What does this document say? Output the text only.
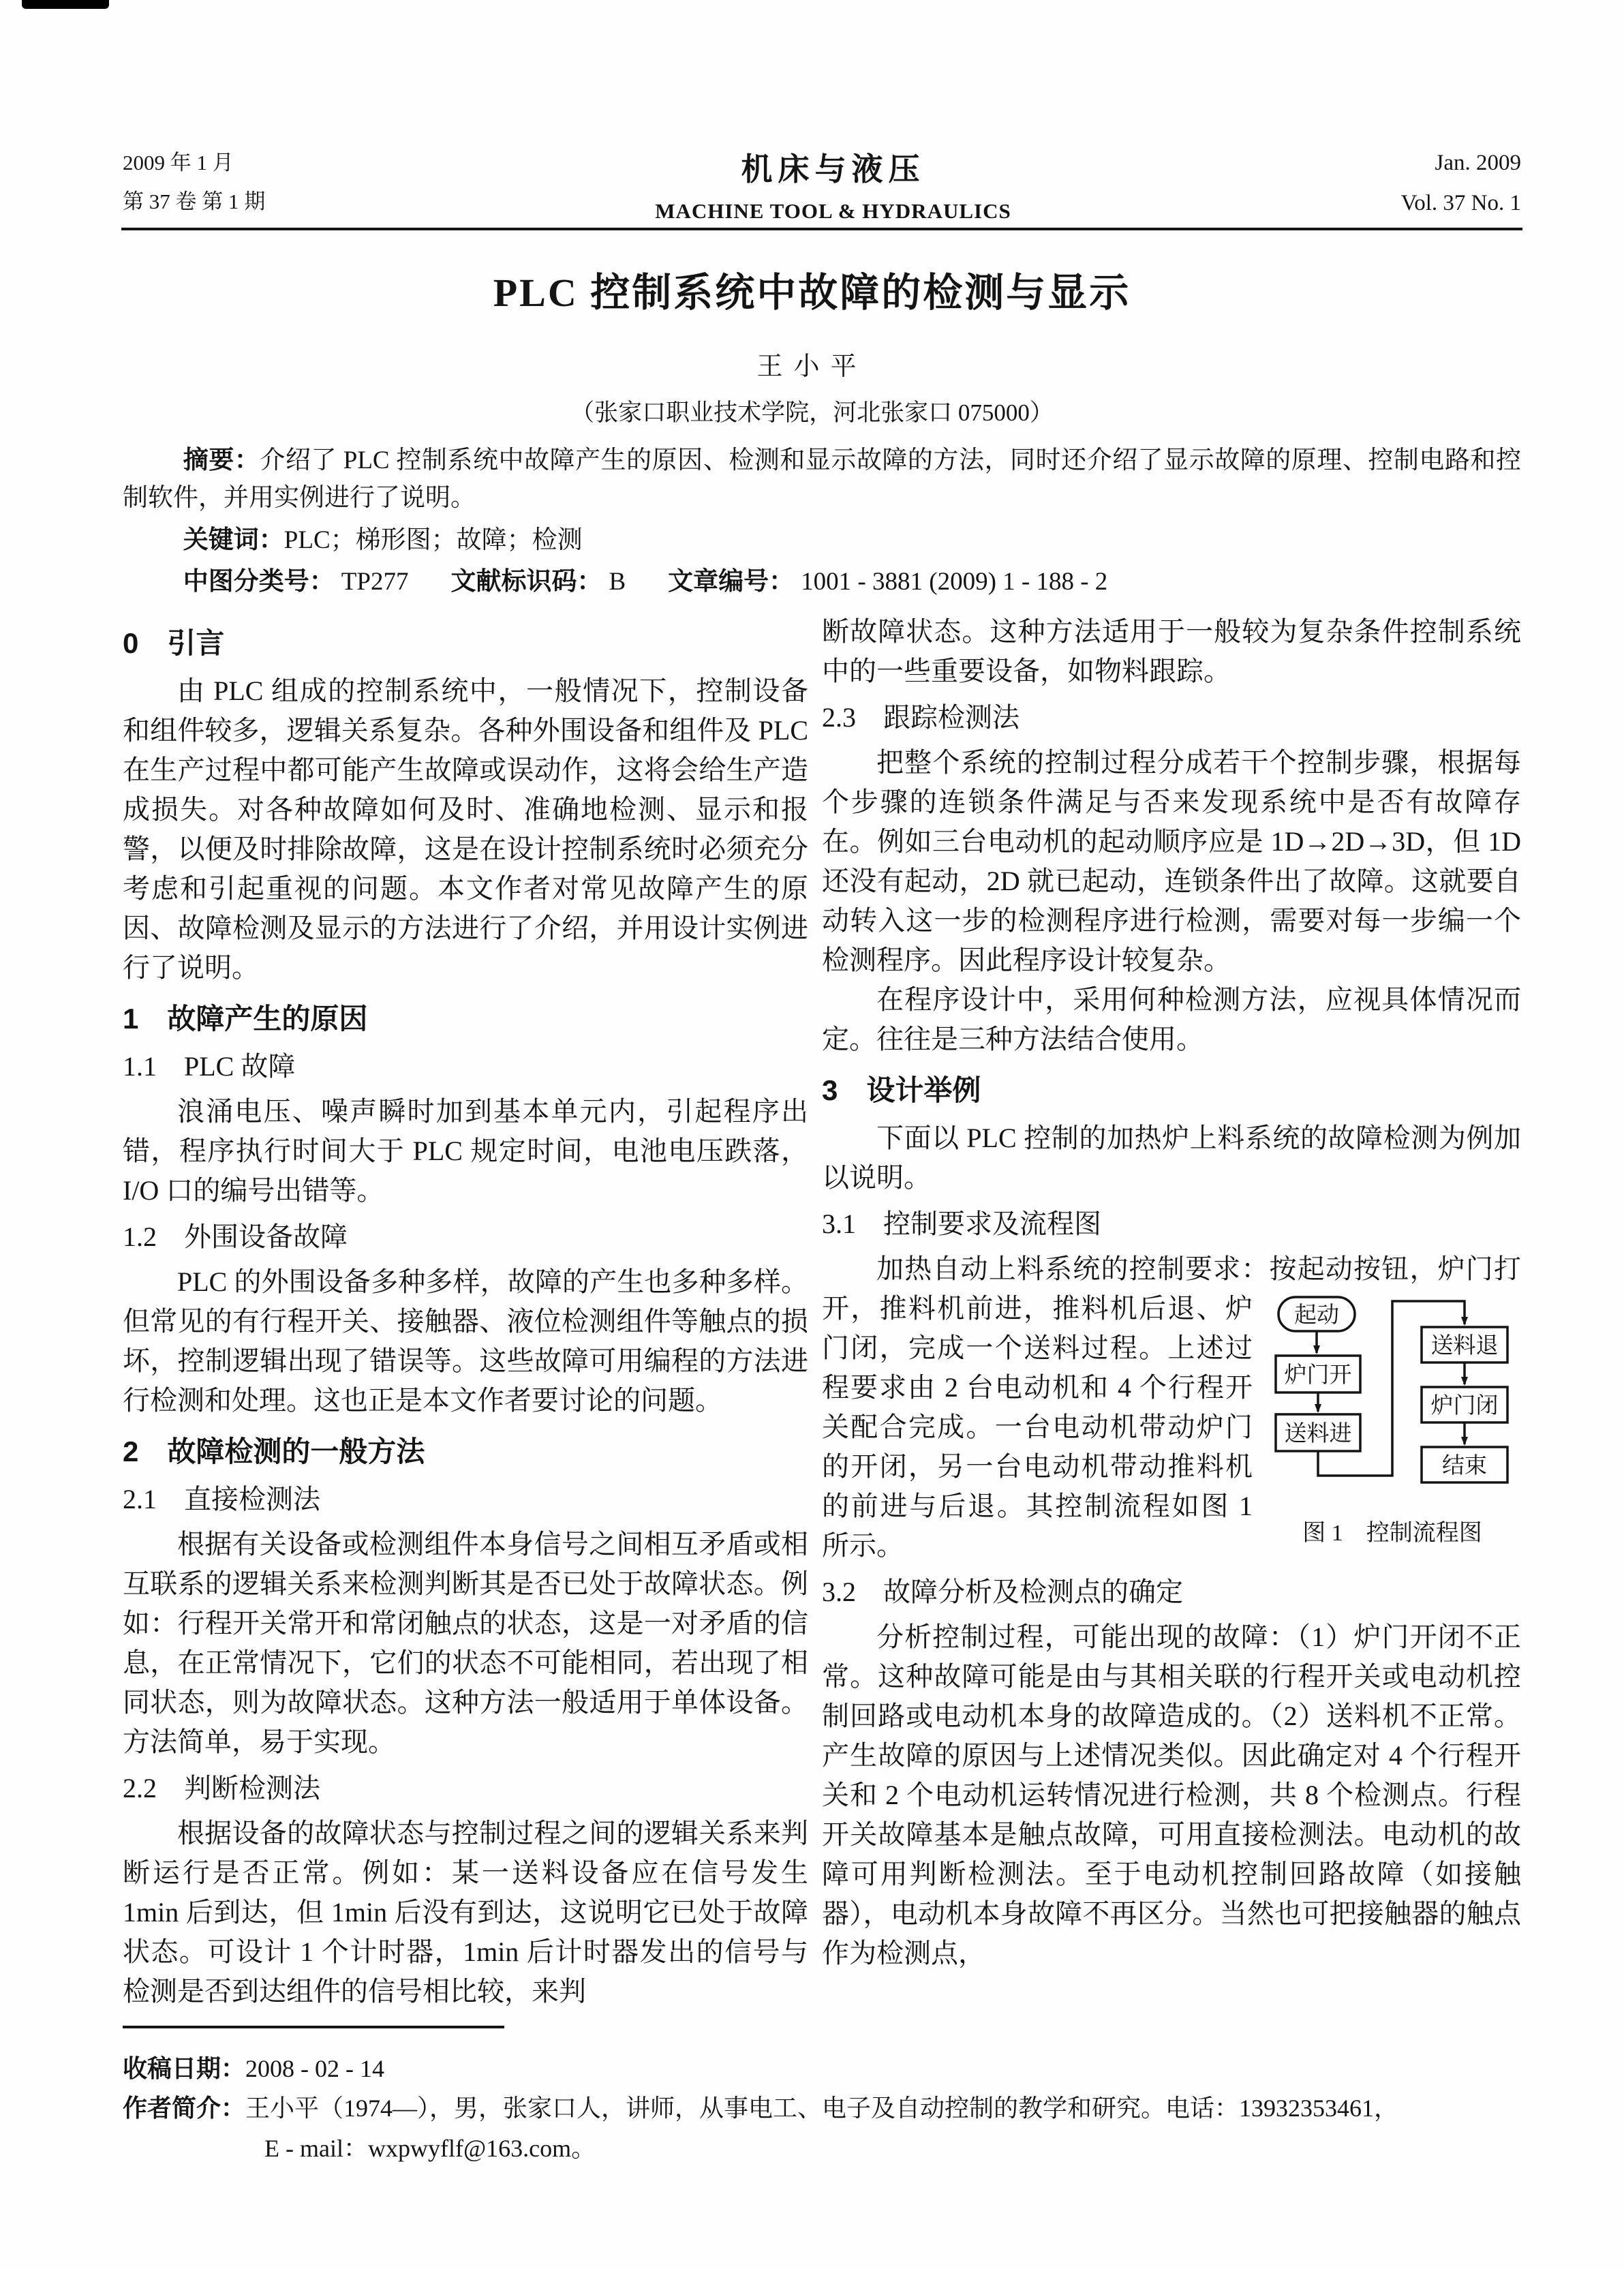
2009 年 1 月
第 37 卷 第 1 期
机床与液压
MACHINE TOOL & HYDRAULICS
Jan. 2009
Vol. 37 No. 1
PLC 控制系统中故障的检测与显示
王小平
（张家口职业技术学院，河北张家口 075000）

摘要：介绍了 PLC 控制系统中故障产生的原因、检测和显示故障的方法，同时还介绍了显示故障的原理、控制电路和控制软件，并用实例进行了说明。

关键词：PLC；梯形图；故障；检测

中图分类号： TP277 文献标识码： B 文章编号： 1001 - 3881 (2009) 1 - 188 - 2

0　引言

由 PLC 组成的控制系统中，一般情况下，控制设备和组件较多，逻辑关系复杂。各种外围设备和组件及 PLC 在生产过程中都可能产生故障或误动作，这将会给生产造成损失。对各种故障如何及时、准确地检测、显示和报警，以便及时排除故障，这是在设计控制系统时必须充分考虑和引起重视的问题。本文作者对常见故障产生的原因、故障检测及显示的方法进行了介绍，并用设计实例进行了说明。

1　故障产生的原因
1.1　PLC 故障

浪涌电压、噪声瞬时加到基本单元内，引起程序出错，程序执行时间大于 PLC 规定时间，电池电压跌落，I/O 口的编号出错等。

1.2　外围设备故障

PLC 的外围设备多种多样，故障的产生也多种多样。但常见的有行程开关、接触器、液位检测组件等触点的损坏，控制逻辑出现了错误等。这些故障可用编程的方法进行检测和处理。这也正是本文作者要讨论的问题。

2　故障检测的一般方法
2.1　直接检测法

根据有关设备或检测组件本身信号之间相互矛盾或相互联系的逻辑关系来检测判断其是否已处于故障状态。例如：行程开关常开和常闭触点的状态，这是一对矛盾的信息，在正常情况下，它们的状态不可能相同，若出现了相同状态，则为故障状态。这种方法一般适用于单体设备。方法简单，易于实现。

2.2　判断检测法

根据设备的故障状态与控制过程之间的逻辑关系来判断运行是否正常。例如：某一送料设备应在信号发生 1min 后到达，但 1min 后没有到达，这说明它已处于故障状态。可设计 1 个计时器，1min 后计时器发出的信号与检测是否到达组件的信号相比较，来判

断故障状态。这种方法适用于一般较为复杂条件控制系统中的一些重要设备，如物料跟踪。

2.3　跟踪检测法

把整个系统的控制过程分成若干个控制步骤，根据每个步骤的连锁条件满足与否来发现系统中是否有故障存在。例如三台电动机的起动顺序应是 1D→2D→3D，但 1D 还没有起动，2D 就已起动，连锁条件出了故障。这就要自动转入这一步的检测程序进行检测，需要对每一步编一个检测程序。因此程序设计较复杂。

在程序设计中，采用何种检测方法，应视具体情况而定。往往是三种方法结合使用。

3　设计举例

下面以 PLC 控制的加热炉上料系统的故障检测为例加以说明。

3.1　控制要求及流程图

加热自动上料系统的控制要求：按起动按钮，炉
起动
炉门开
送料进
送料退
炉门闭
结束
图 1　控制流程图
门打开，推料机前进，推料机后退、炉门闭，完成一个送料过程。上述过程要求由 2 台电动机和 4 个行程开关配合完成。一台电动机带动炉门的开闭，另一台电动机带动推料机的前进与后退。其控制流程如图 1 所示。

3.2　故障分析及检测点的确定

分析控制过程，可能出现的故障：（1）炉门开闭不正常。这种故障可能是由与其相关联的行程开关或电动机控制回路或电动机本身的故障造成的。（2）送料机不正常。产生故障的原因与上述情况类似。因此确定对 4 个行程开关和 2 个电动机运转情况进行检测，共 8 个检测点。行程开关故障基本是触点故障，可用直接检测法。电动机的故障可用判断检测法。至于电动机控制回路故障（如接触器），电动机本身故障不再区分。当然也可把接触器的触点作为检测点，

收稿日期：2008 - 02 - 14

作者简介：王小平（1974—），男，张家口人，讲师，从事电工、电子及自动控制的教学和研究。电话：13932353461，

E - mail：wxpwyflf@163.com。
